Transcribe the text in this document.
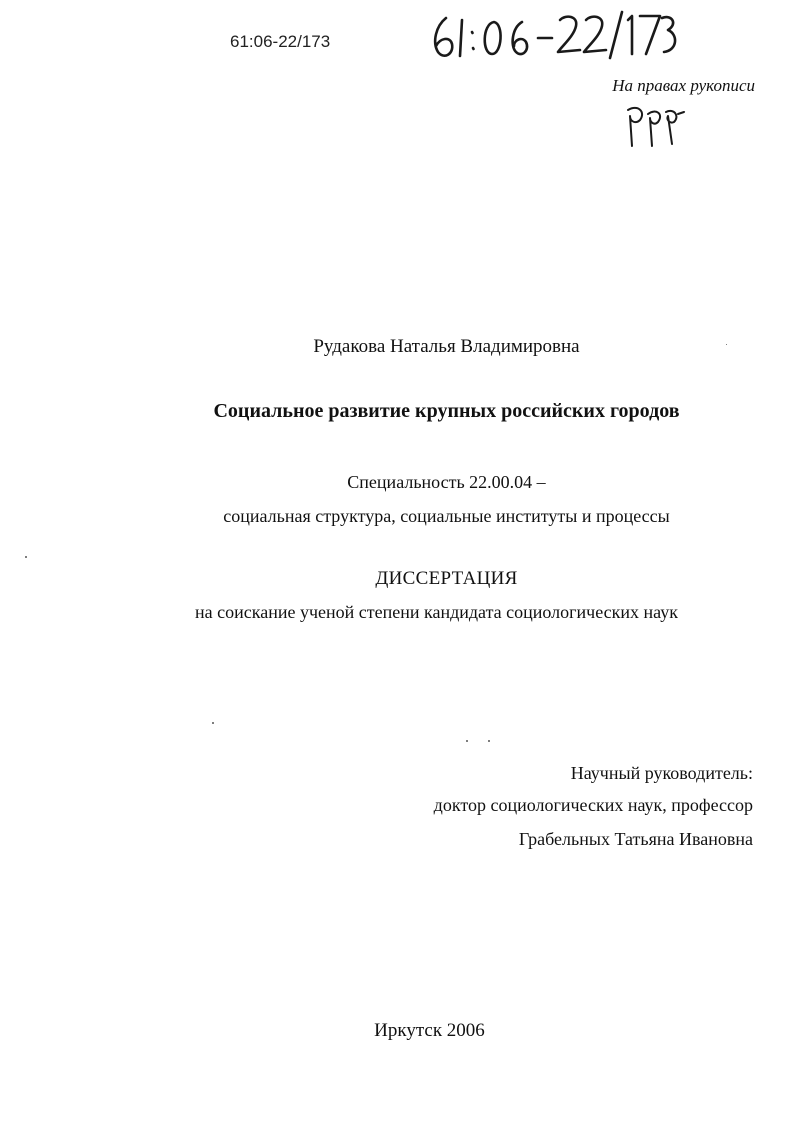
61:06-22/173
На правах рукописи
Рудакова Наталья Владимировна
Социальное развитие крупных российских городов
Специальность 22.00.04 –
социальная структура, социальные институты и процессы
ДИССЕРТАЦИЯ
на соискание ученой степени кандидата социологических наук
Научный руководитель:
доктор социологических наук, профессор
Грабельных Татьяна Ивановна
Иркутск 2006
